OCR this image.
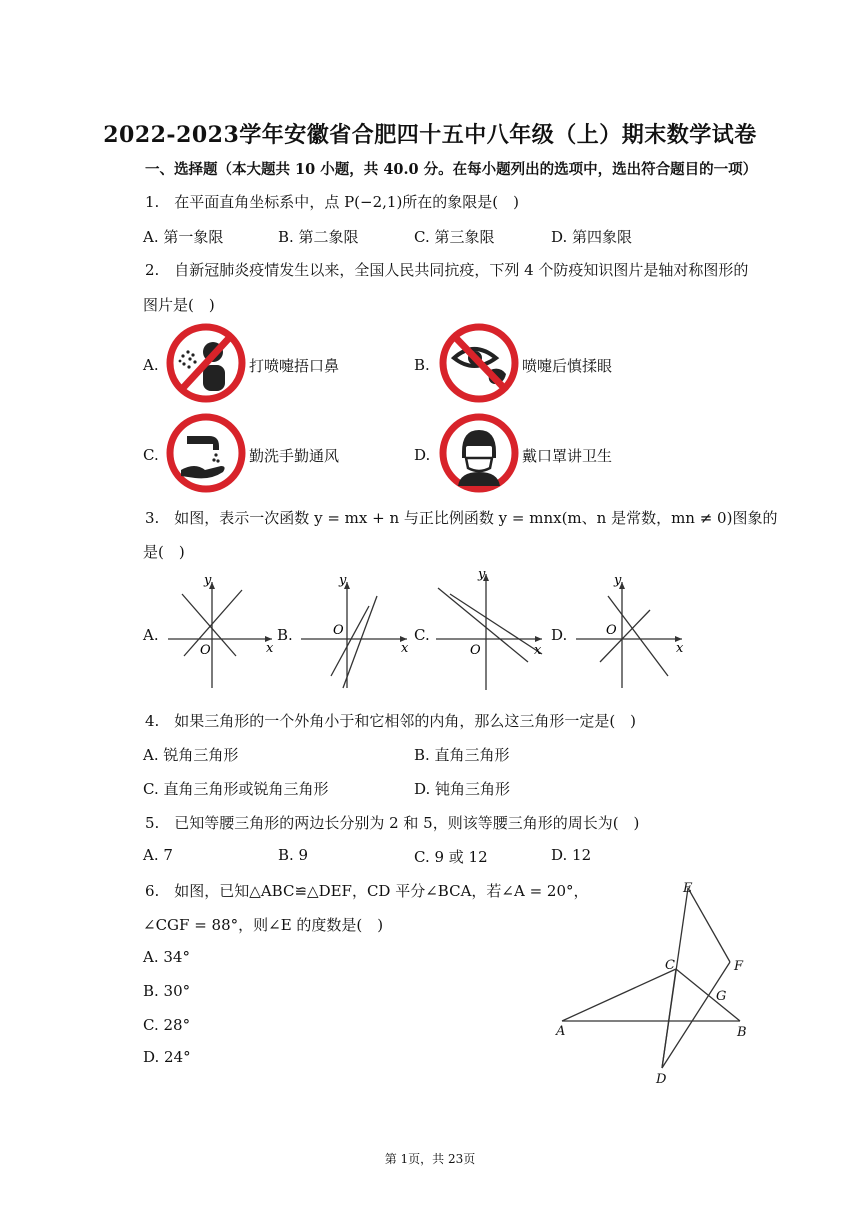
2022-2023学年安徽省合肥四十五中八年级（上）期末数学试卷
一、选择题（本大题共 10 小题，共 40.0 分。在每小题列出的选项中，选出符合题目的一项）
1.　在平面直角坐标系中，点 P(−2,1)所在的象限是(　)
A. 第一象限	B. 第二象限	C. 第三象限	D. 第四象限
2.　自新冠肺炎疫情发生以来，全国人民共同抗疫，下列 4 个防疫知识图片是轴对称图形的
图片是(　)
A.	打喷嚏捂口鼻	B.	喷嚏后慎揉眼
C.	勤洗手勤通风	D.	戴口罩讲卫生
3.　如图，表示一次函数 y = mx + n 与正比例函数 y = mnx(m、n 是常数，mn ≠ 0)图象的
是(　)
A.
y
x
O
B.
y
x
O	C.
y
x
O
D.
y
x
O
4.　如果三角形的一个外角小于和它相邻的内角，那么这三角形一定是(　)
A. 锐角三角形	B. 直角三角形
C. 直角三角形或锐角三角形	D. 钝角三角形
5.　已知等腰三角形的两边长分别为 2 和 5，则该等腰三角形的周长为(　)
A. 7	B. 9	C. 9 或 12	D. 12
6.　如图，已知△ABC≌△DEF，CD 平分∠BCA，若∠A = 20°，
∠CGF = 88°，则∠E 的度数是(　)
A. 34°
B. 30°
C. 28°
D. 24°
E
C	F
G
A	B
D
第 1页，共 23页
